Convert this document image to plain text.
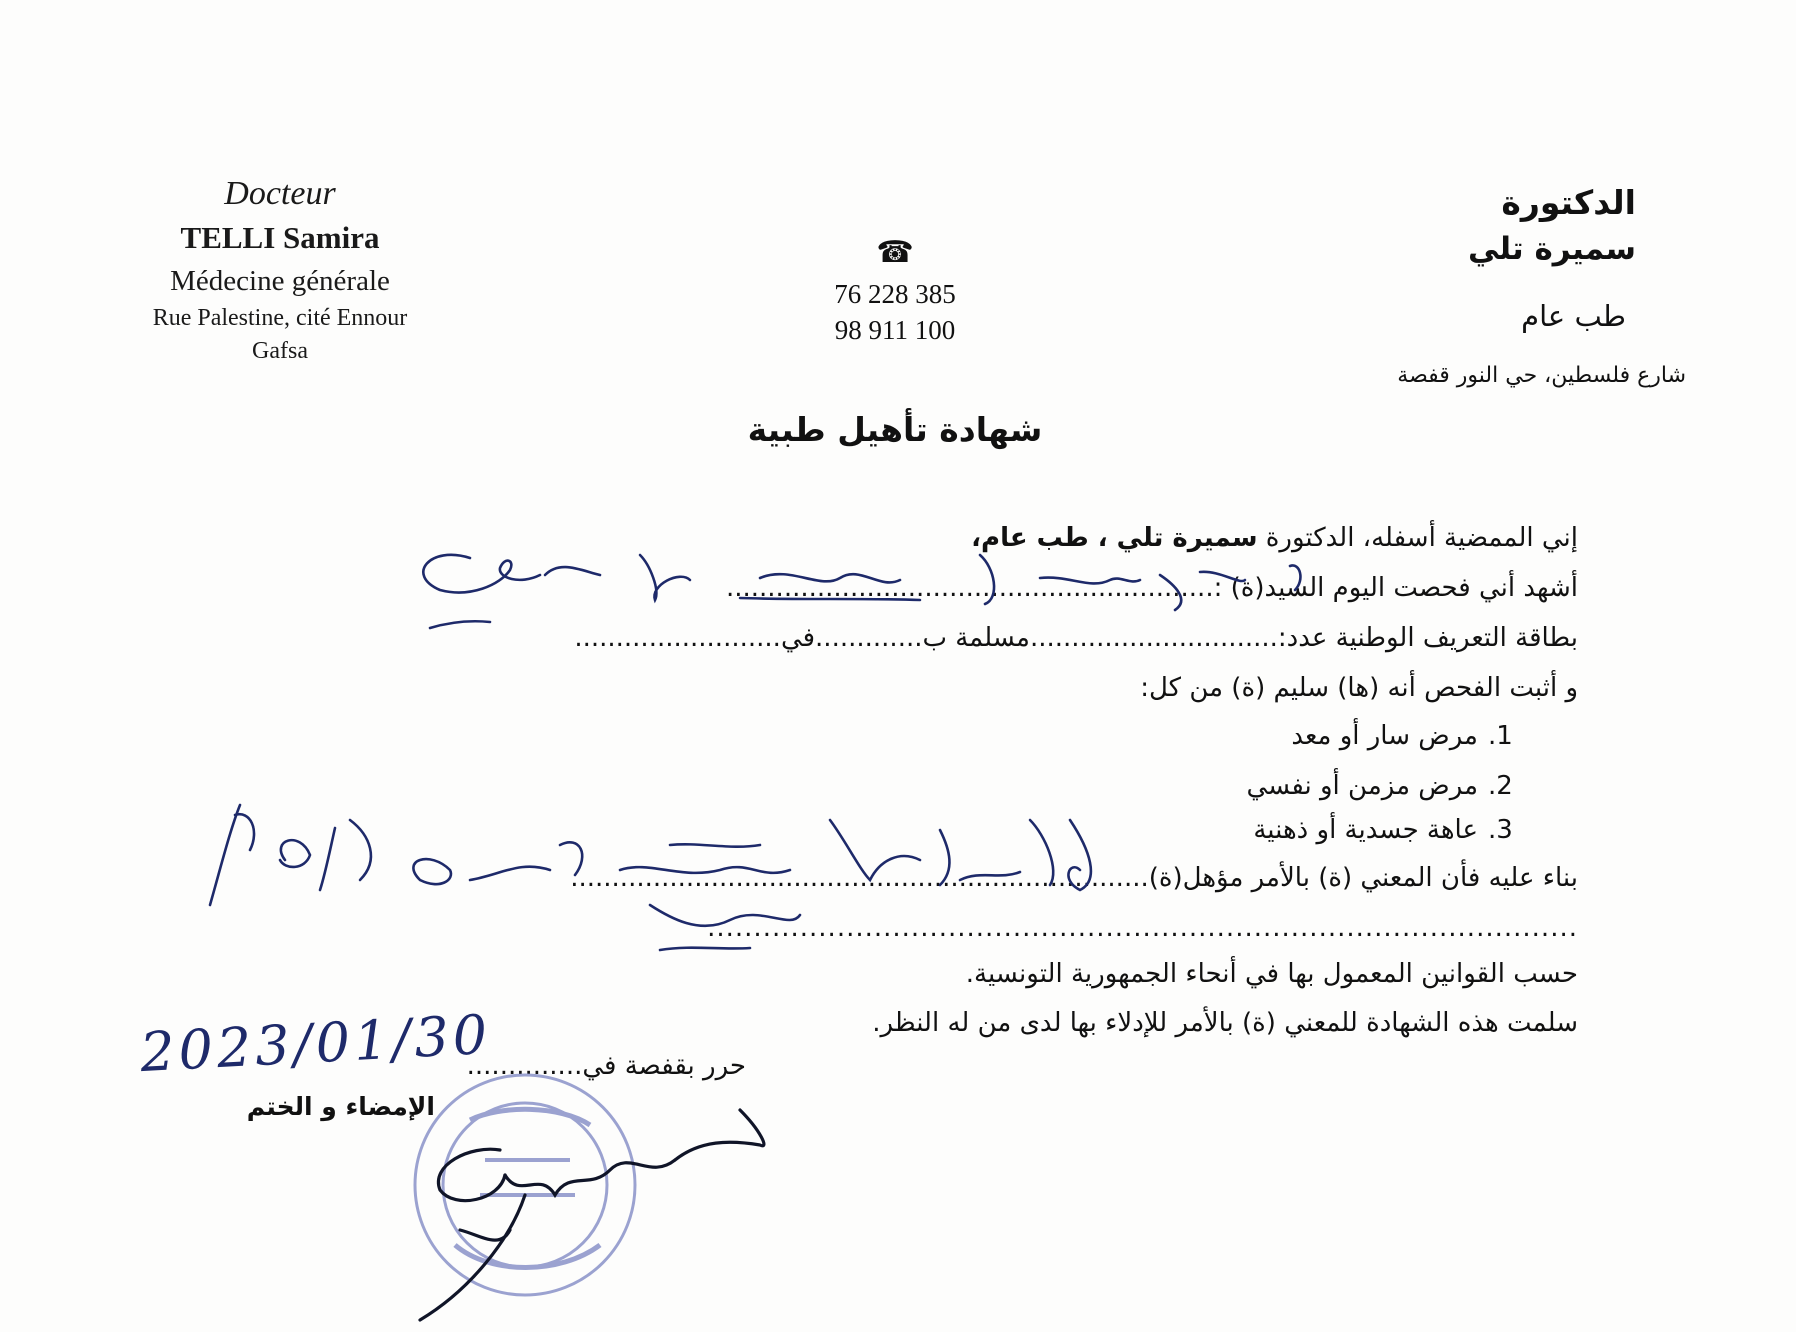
Docteur
TELLI Samira
Médecine générale
Rue Palestine, cité Ennour
Gafsa
☎
76 228 385
98 911 100
الدكتورة
سميرة تلي
طب عام
شارع فلسطين، حي النور قفصة
شهادة تأهيل طبية
إني الممضية أسفله، الدكتورة سميرة تلي ، طب عام،
أشهد أني فحصت اليوم السيد(ة) :...........................................................
بطاقة التعريف الوطنية عدد:..............................مسلمة ب.............في.........................
و أثبت الفحص أنه (ها) سليم (ة) من كل:
1.مرض سار أو معد
2.مرض مزمن أو نفسي
3.عاهة جسدية أو ذهنية
بناء عليه فأن المعني (ة) بالأمر مؤهل(ة)......................................................................
..............................................................................................
حسب القوانين المعمول بها في أنحاء الجمهورية التونسية.
سلمت هذه الشهادة للمعني (ة) بالأمر للإدلاء بها لدى من له النظر.
حرر بقفصة في..............
الإمضاء و الختم
2023/01/30
